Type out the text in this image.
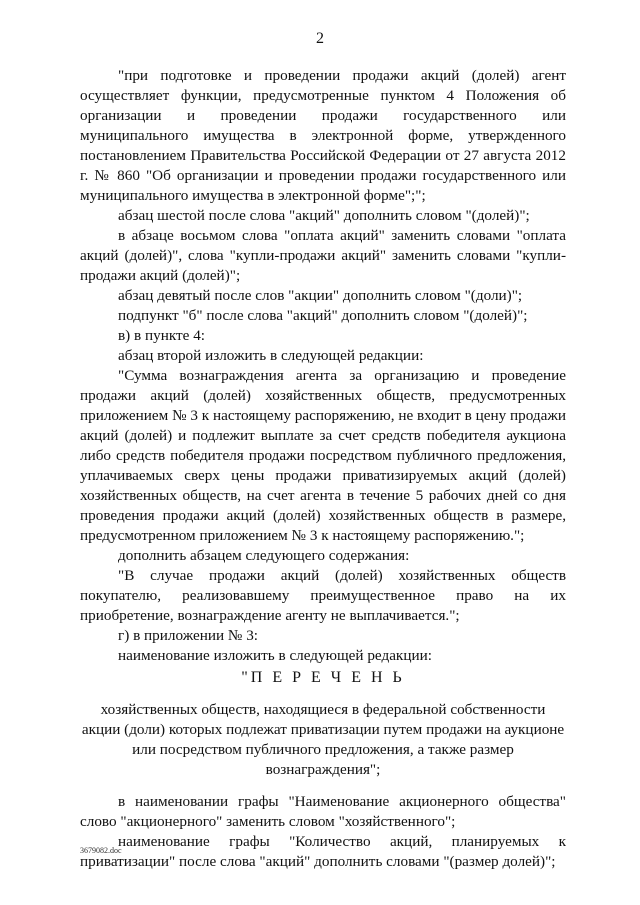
2

"при подготовке и проведении продажи акций (долей) агент осуществляет функции, предусмотренные пунктом 4 Положения об организации и проведении продажи государственного или муниципального имущества в электронной форме, утвержденного постановлением Правительства Российской Федерации от 27 августа 2012 г. № 860 "Об организации и проведении продажи государственного или муниципального имущества в электронной форме";";

абзац шестой после слова "акций" дополнить словом "(долей)";

в абзаце восьмом слова "оплата акций" заменить словами "оплата акций (долей)", слова "купли-продажи акций" заменить словами "купли-продажи акций (долей)";

абзац девятый после слов "акции" дополнить словом "(доли)";

подпункт "б" после слова "акций" дополнить словом "(долей)";

в) в пункте 4:

абзац второй изложить в следующей редакции:

"Сумма вознаграждения агента за организацию и проведение продажи акций (долей) хозяйственных обществ, предусмотренных приложением № 3 к настоящему распоряжению, не входит в цену продажи акций (долей) и подлежит выплате за счет средств победителя аукциона либо средств победителя продажи посредством публичного предложения, уплачиваемых сверх цены продажи приватизируемых акций (долей) хозяйственных обществ, на счет агента в течение 5 рабочих дней со дня проведения продажи акций (долей) хозяйственных обществ в размере, предусмотренном приложением № 3 к настоящему распоряжению.";

дополнить абзацем следующего содержания:

"В случае продажи акций (долей) хозяйственных обществ покупателю, реализовавшему преимущественное право на их приобретение, вознаграждение агенту не выплачивается.";

г) в приложении № 3:

наименование изложить в следующей редакции:

"П Е Р Е Ч Е Н Ь
хозяйственных обществ, находящиеся в федеральной собственности акции (доли) которых подлежат приватизации путем продажи на аукционе или посредством публичного предложения, а также размер вознаграждения";

в наименовании графы "Наименование акционерного общества" слово "акционерного" заменить словом "хозяйственного";

наименование графы "Количество акций, планируемых к приватизации" после слова "акций" дополнить словами "(размер долей)";

3679082.doc
